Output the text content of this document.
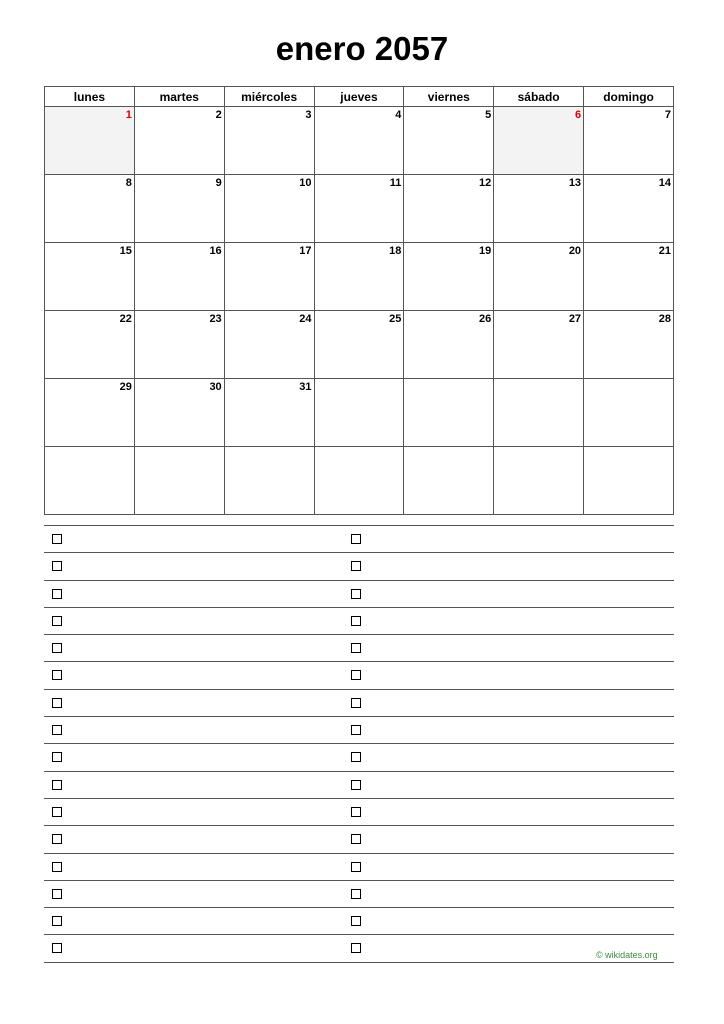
enero 2057
lunes	martes	miércoles	jueves	viernes	sábado	domingo

1	2	3	4	5	6	7

8	9	10	11	12	13	14

15	16	17	18	19	20	21

22	23	24	25	26	27	28

29	30	31				

© wikidates.org
